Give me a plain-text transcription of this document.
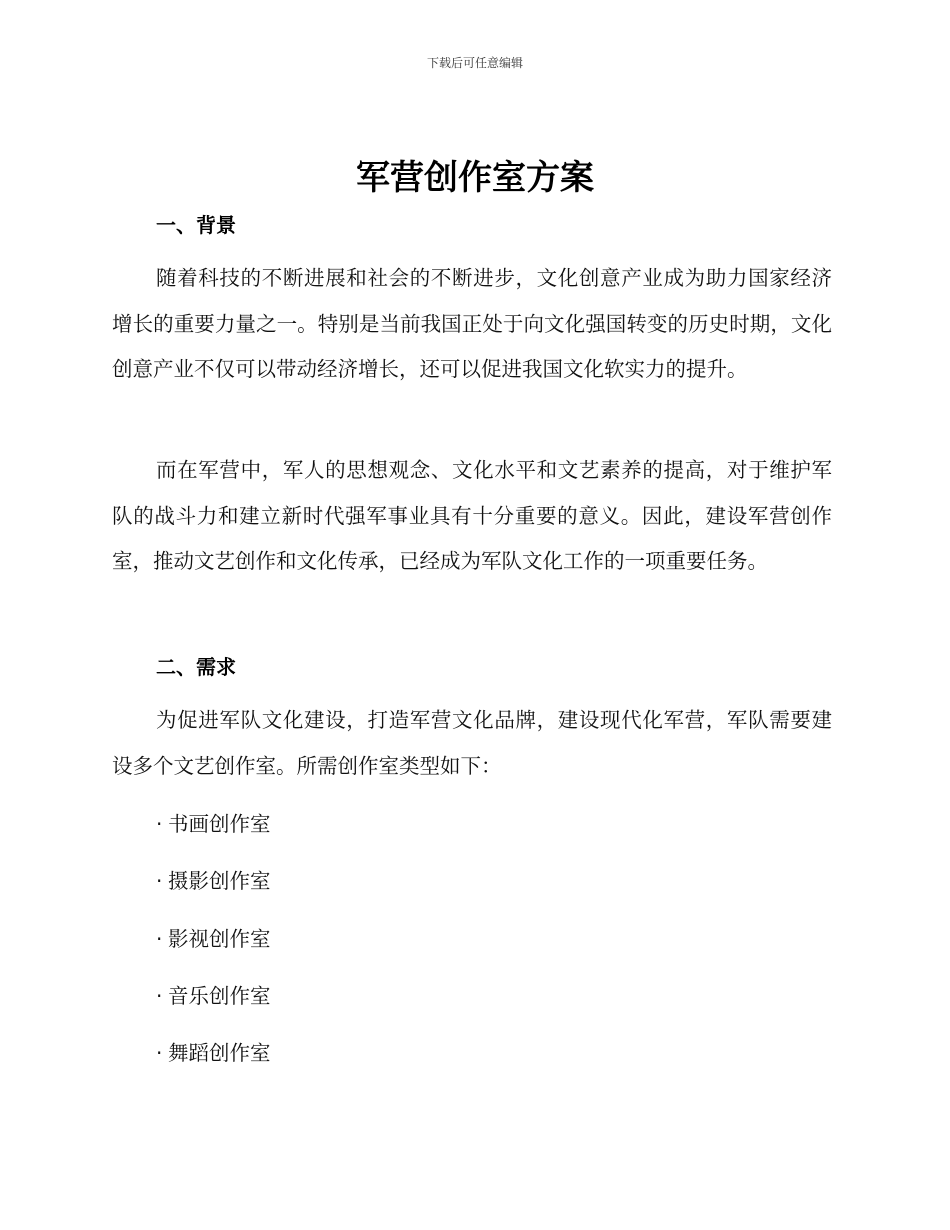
下载后可任意编辑
军营创作室方案
一、背景

随着科技的不断进展和社会的不断进步，文化创意产业成为助力国家经济增长的重要力量之一。特别是当前我国正处于向文化强国转变的历史时期，文化创意产业不仅可以带动经济增长，还可以促进我国文化软实力的提升。

而在军营中，军人的思想观念、文化水平和文艺素养的提高，对于维护军队的战斗力和建立新时代强军事业具有十分重要的意义。因此，建设军营创作室，推动文艺创作和文化传承，已经成为军队文化工作的一项重要任务。

二、需求

为促进军队文化建设，打造军营文化品牌，建设现代化军营，军队需要建设多个文艺创作室。所需创作室类型如下：

· 书画创作室
· 摄影创作室
· 影视创作室
· 音乐创作室
· 舞蹈创作室
